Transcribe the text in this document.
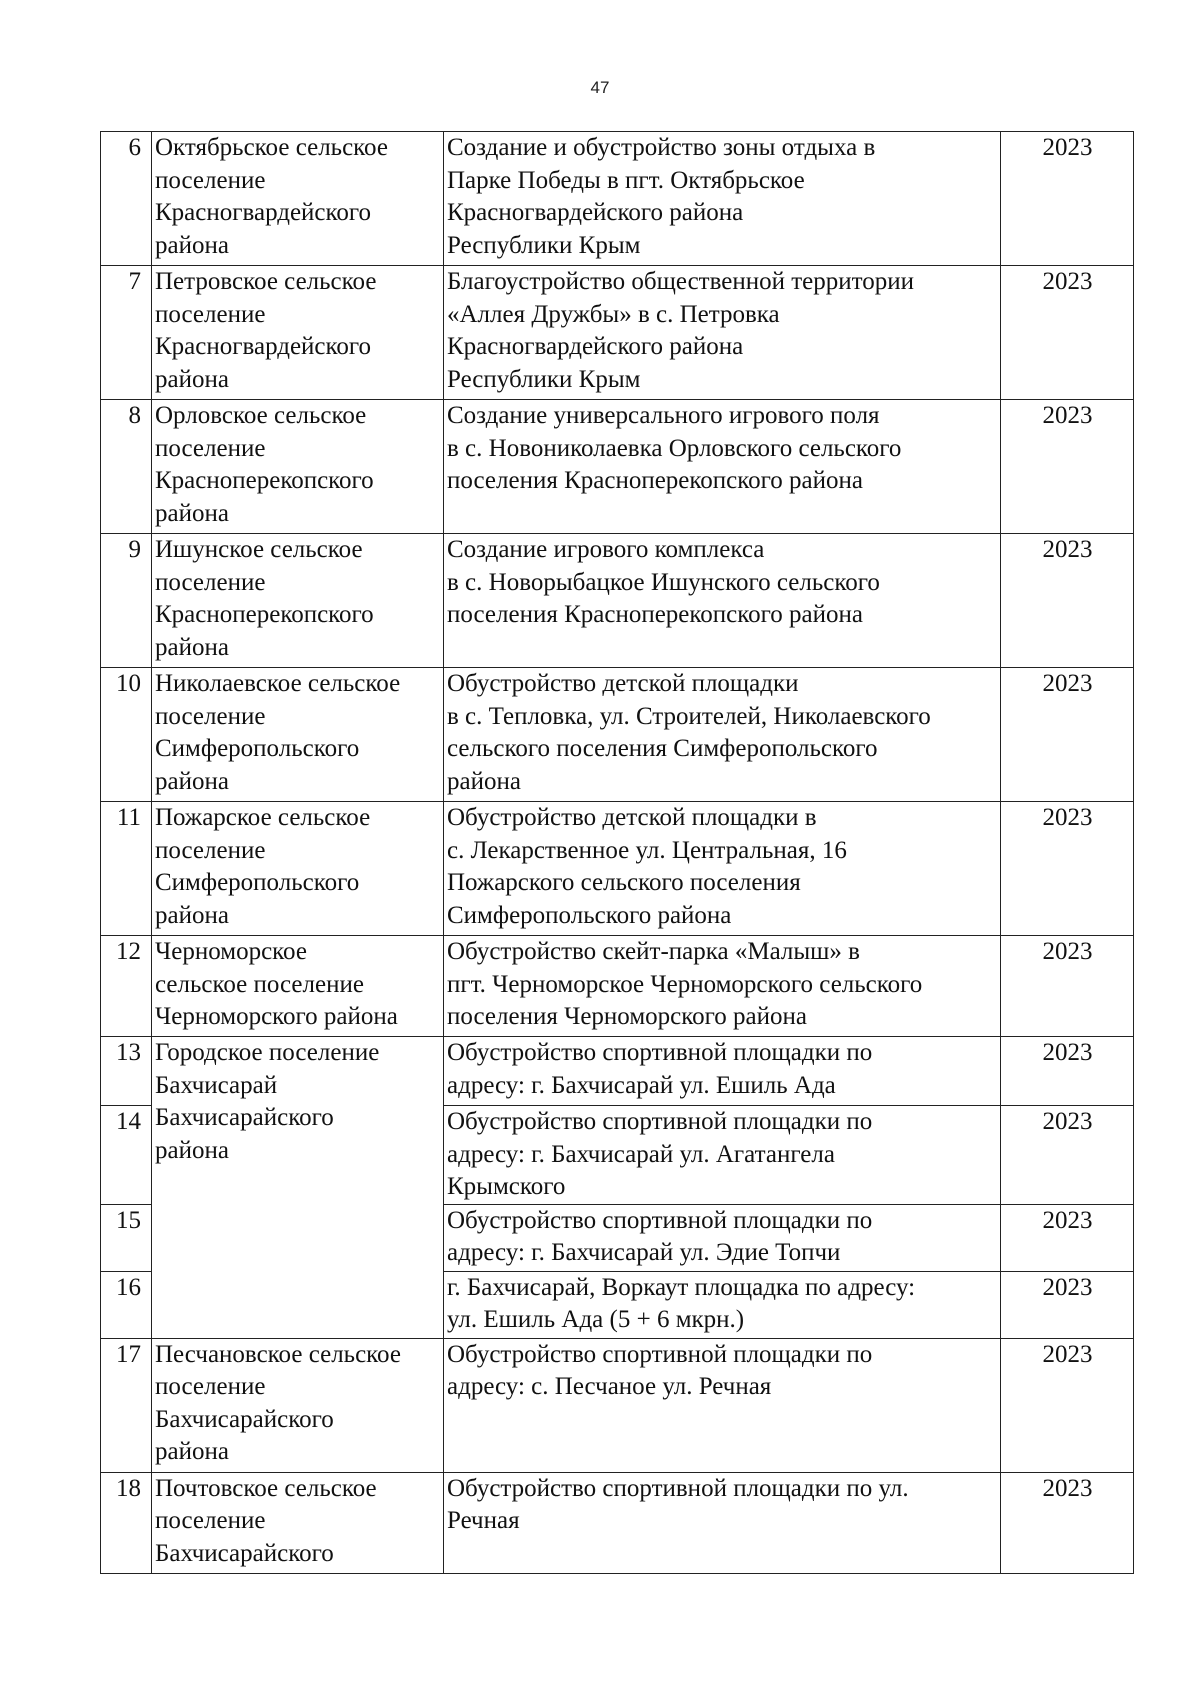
47
6	Октябрьское сельское
поселение
Красногвардейского
района	Создание и обустройство зоны отдыха в
Парке Победы в пгт. Октябрьское
Красногвардейского района
Республики Крым	2023
7	Петровское сельское
поселение
Красногвардейского
района	Благоустройство общественной территории
«Аллея Дружбы» в с. Петровка
Красногвардейского района
Республики Крым	2023
8	Орловское сельское
поселение
Красноперекопского
района	Создание универсального игрового поля
в с. Новониколаевка Орловского сельского
поселения Красноперекопского района	2023
9	Ишунское сельское
поселение
Красноперекопского
района	Создание игрового комплекса
в с. Новорыбацкое Ишунского сельского
поселения Красноперекопского района	2023
10	Николаевское сельское
поселение
Симферопольского
района	Обустройство детской площадки
в с. Тепловка, ул. Строителей, Николаевского
сельского поселения Симферопольского
района	2023
11	Пожарское сельское
поселение
Симферопольского
района	Обустройство детской площадки в
с. Лекарственное ул. Центральная, 16
Пожарского сельского поселения
Симферопольского района	2023
12	Черноморское
сельское поселение
Черноморского района	Обустройство скейт-парка «Малыш» в
пгт. Черноморское Черноморского сельского
поселения Черноморского района	2023
13	Городское поселение
Бахчисарай
Бахчисарайского
района	Обустройство спортивной площадки по
адресу: г. Бахчисарай ул. Ешиль Ада	2023
14		Обустройство спортивной площадки по
адресу: г. Бахчисарай ул. Агатангела
Крымского	2023
15		Обустройство спортивной площадки по
адресу: г. Бахчисарай ул. Эдие Топчи	2023
16		г. Бахчисарай, Воркаут площадка по адресу:
ул. Ешиль Ада (5 + 6 мкрн.)	2023
17	Песчановское сельское
поселение
Бахчисарайского
района	Обустройство спортивной площадки по
адресу: с. Песчаное ул. Речная	2023
18	Почтовское сельское
поселение
Бахчисарайского	Обустройство спортивной площадки по ул.
Речная	2023
